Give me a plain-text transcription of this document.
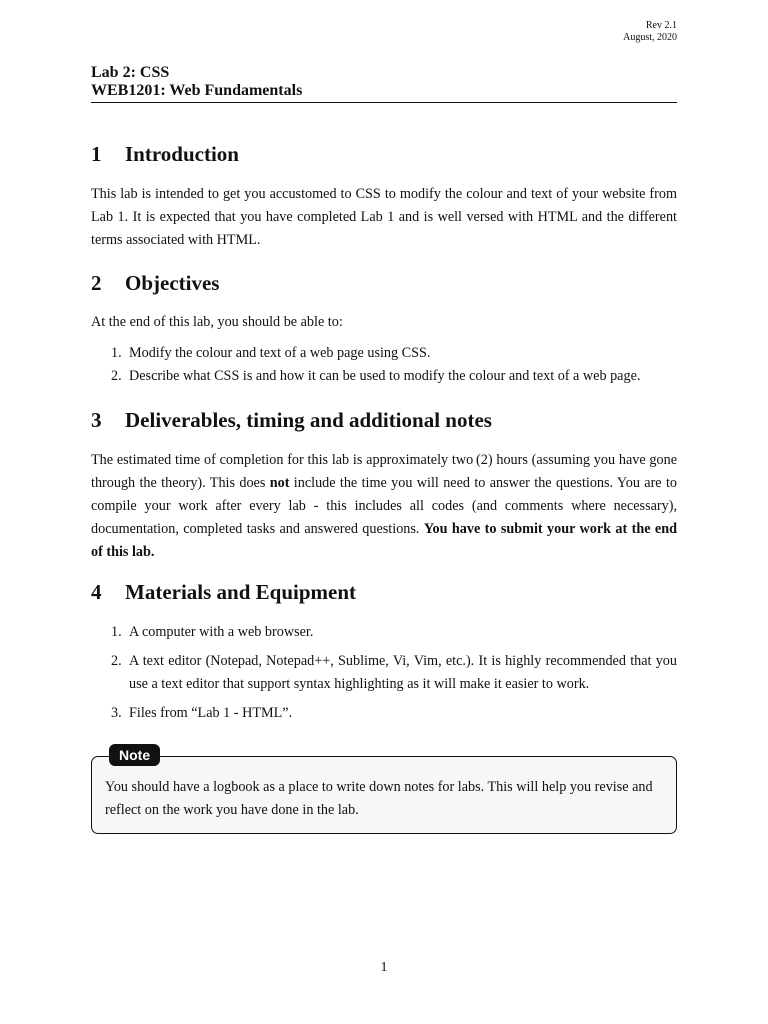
Rev 2.1
August, 2020
Lab 2: CSS
WEB1201: Web Fundamentals
1	Introduction

This lab is intended to get you accustomed to CSS to modify the colour and text of your website from Lab 1. It is expected that you have completed Lab 1 and is well versed with HTML and the different terms associated with HTML.

2	Objectives

At the end of this lab, you should be able to:

1. Modify the colour and text of a web page using CSS.
2. Describe what CSS is and how it can be used to modify the colour and text of a web page.
3	Deliverables, timing and additional notes

The estimated time of completion for this lab is approximately two (2) hours (assuming you have gone through the theory). This does not include the time you will need to answer the questions. You are to compile your work after every lab - this includes all codes (and comments where necessary), documentation, completed tasks and answered questions. You have to submit your work at the end of this lab.

4	Materials and Equipment
1. A computer with a web browser.
2. A text editor (Notepad, Notepad++, Sublime, Vi, Vim, etc.). It is highly recommended that you use a text editor that support syntax highlighting as it will make it easier to work.
3. Files from “Lab 1 - HTML”.
Note
You should have a logbook as a place to write down notes for labs. This will help you revise and reflect on the work you have done in the lab.
1
